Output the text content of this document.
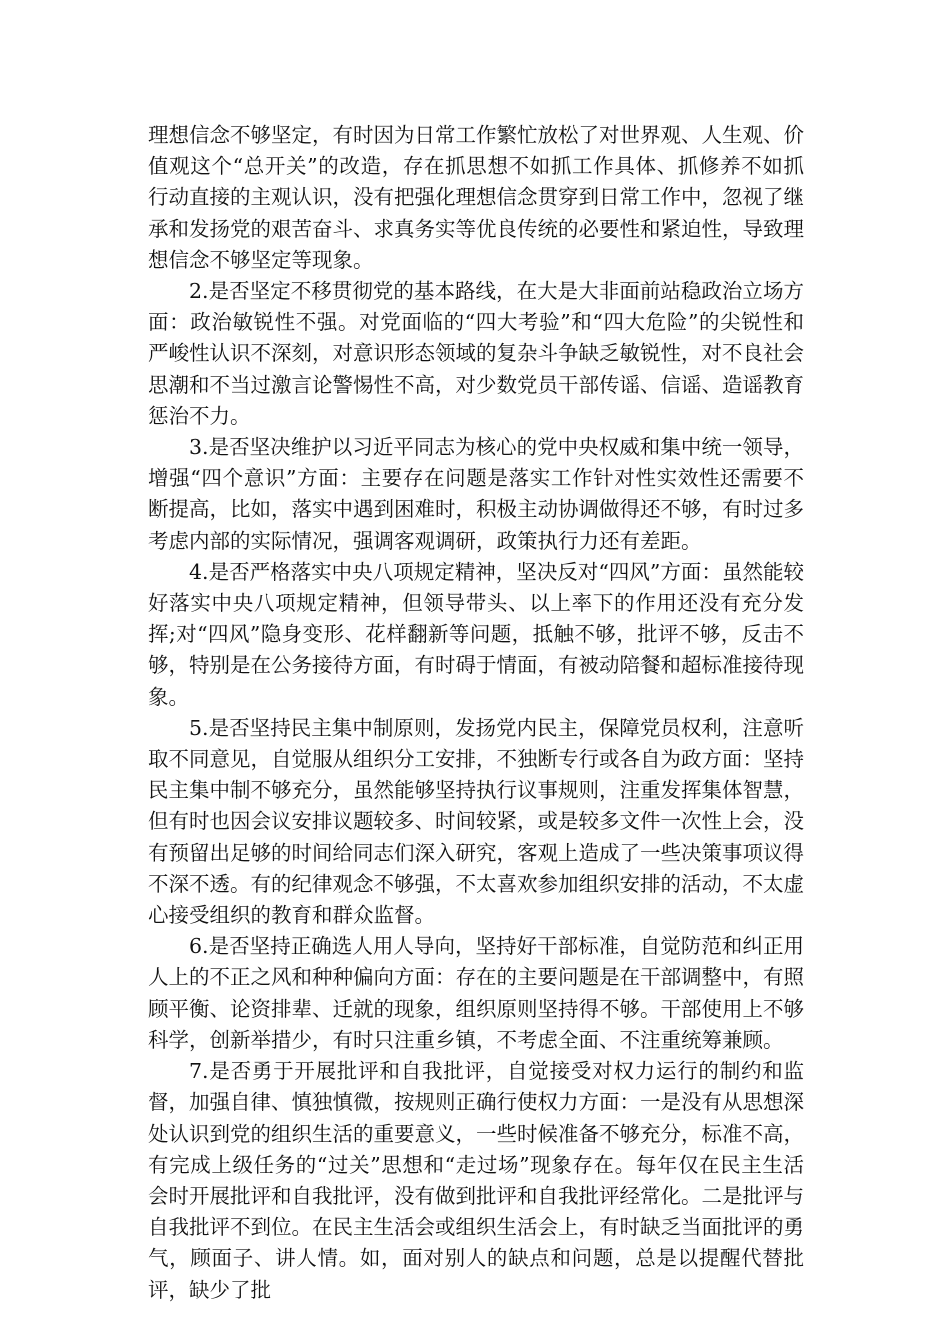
理想信念不够坚定，有时因为日常工作繁忙放松了对世界观、人生观、价值观这个“总开关”的改造，存在抓思想不如抓工作具体、抓修养不如抓行动直接的主观认识，没有把强化理想信念贯穿到日常工作中，忽视了继承和发扬党的艰苦奋斗、求真务实等优良传统的必要性和紧迫性，导致理想信念不够坚定等现象。

2.是否坚定不移贯彻党的基本路线，在大是大非面前站稳政治立场方面：政治敏锐性不强。对党面临的“四大考验”和“四大危险”的尖锐性和严峻性认识不深刻，对意识形态领域的复杂斗争缺乏敏锐性，对不良社会思潮和不当过激言论警惕性不高，对少数党员干部传谣、信谣、造谣教育惩治不力。

3.是否坚决维护以习近平同志为核心的党中央权威和集中统一领导，增强“四个意识”方面：主要存在问题是落实工作针对性实效性还需要不断提高，比如，落实中遇到困难时，积极主动协调做得还不够，有时过多考虑内部的实际情况，强调客观调研，政策执行力还有差距。

4.是否严格落实中央八项规定精神，坚决反对“四风”方面：虽然能较好落实中央八项规定精神，但领导带头、以上率下的作用还没有充分发挥;对“四风”隐身变形、花样翻新等问题，抵触不够，批评不够，反击不够，特别是在公务接待方面，有时碍于情面，有被动陪餐和超标准接待现象。

5.是否坚持民主集中制原则，发扬党内民主，保障党员权利，注意听取不同意见，自觉服从组织分工安排，不独断专行或各自为政方面：坚持民主集中制不够充分，虽然能够坚持执行议事规则，注重发挥集体智慧，但有时也因会议安排议题较多、时间较紧，或是较多文件一次性上会，没有预留出足够的时间给同志们深入研究，客观上造成了一些决策事项议得不深不透。有的纪律观念不够强，不太喜欢参加组织安排的活动，不太虚心接受组织的教育和群众监督。

6.是否坚持正确选人用人导向，坚持好干部标准，自觉防范和纠正用人上的不正之风和种种偏向方面：存在的主要问题是在干部调整中，有照顾平衡、论资排辈、迁就的现象，组织原则坚持得不够。干部使用上不够科学，创新举措少，有时只注重乡镇，不考虑全面、不注重统筹兼顾。

7.是否勇于开展批评和自我批评，自觉接受对权力运行的制约和监督，加强自律、慎独慎微，按规则正确行使权力方面：一是没有从思想深处认识到党的组织生活的重要意义，一些时候准备不够充分，标准不高，有完成上级任务的“过关”思想和“走过场”现象存在。每年仅在民主生活会时开展批评和自我批评，没有做到批评和自我批评经常化。二是批评与自我批评不到位。在民主生活会或组织生活会上，有时缺乏当面批评的勇气，顾面子、讲人情。如，面对别人的缺点和问题，总是以提醒代替批评，缺少了批
